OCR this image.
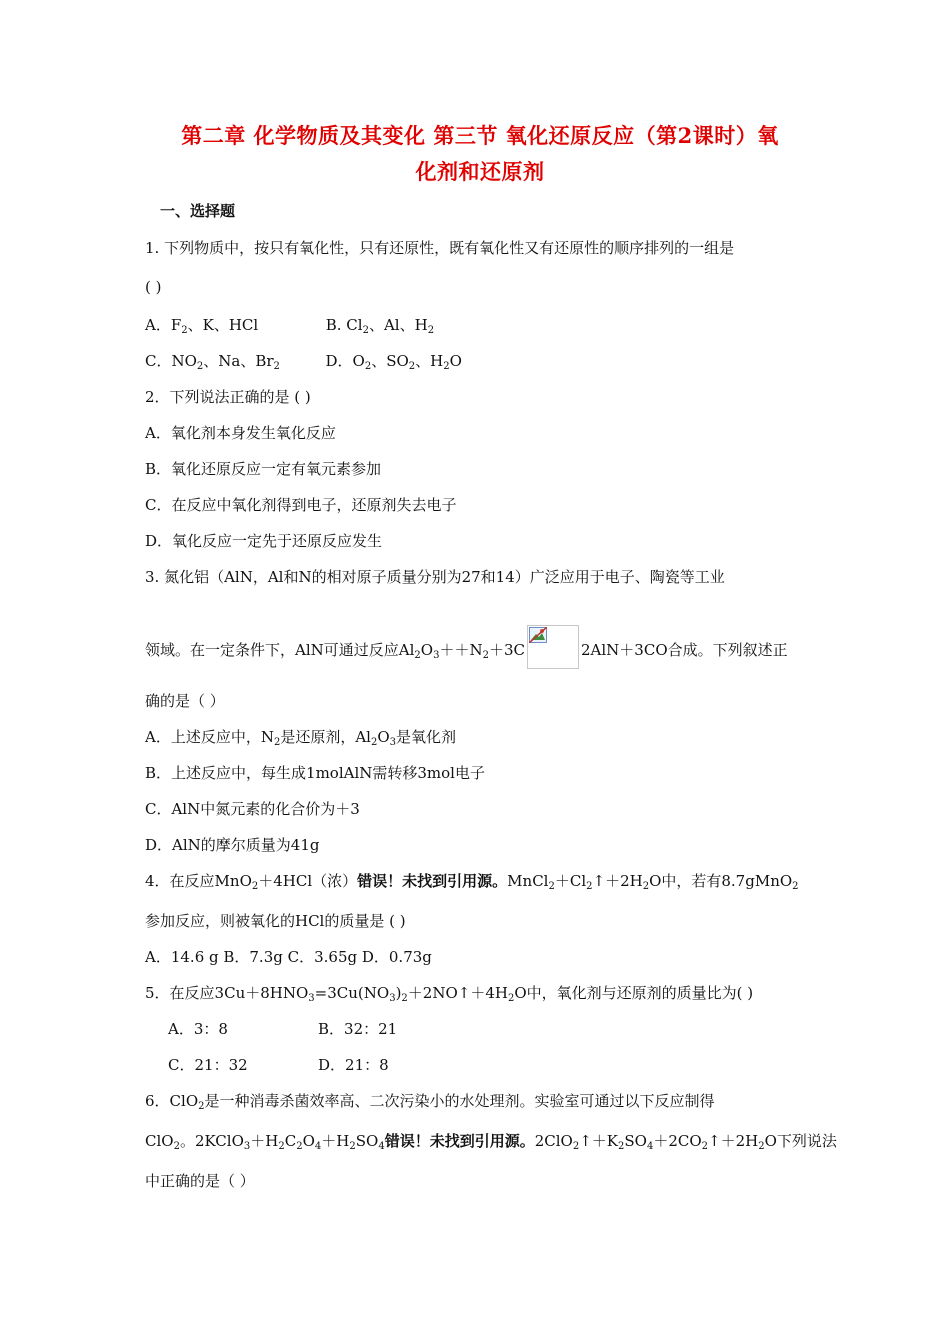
第二章 化学物质及其变化 第三节 氧化还原反应（第2课时）氧
化剂和还原剂
一、选择题
1. 下列物质中，按只有氧化性，只有还原性，既有氧化性又有还原性的顺序排列的一组是
( )
A．$F_2$、K、HCl	B. $Cl_2$、Al、$H_2$
C．$NO_2$、Na、$Br_2$	D．$O_2$、$SO_2$、$H_2O$
2．下列说法正确的是 ( )
A．氧化剂本身发生氧化反应
B．氧化还原反应一定有氧元素参加
C．在反应中氧化剂得到电子，还原剂失去电子
D．氧化反应一定先于还原反应发生
3. 氮化铝（AlN，Al和N的相对原子质量分别为27和14）广泛应用于电子、陶瓷等工业
领域。在一定条件下，AlN可通过反应$Al_2O_3++N_2+3C$	2AlN＋3CO合成。下列叙述正
确的是（ ）
A．上述反应中，$N_2$是还原剂，$Al_2O_3$是氧化剂
B．上述反应中，每生成1molAlN需转移3mol电子
C．AlN中氮元素的化合价为＋3
D．AlN的摩尔质量为41g
4．在反应MnO$_2$＋4HCl（浓）错误！未找到引用源。$MnCl_2+Cl_2↑+2H_2O$中，若有8.7gMnO$_2$
参加反应，则被氧化的HCl的质量是 ( )
A．14.6 g B．7.3g C．3.65g D．0.73g
5．在反应$3Cu+8HNO_3=3Cu(NO_3)_2+2NO↑+4H_2O$中，氧化剂与还原剂的质量比为( )
A．3：8	B．32：21
C．21：32	D．21：8
6．ClO$_2$是一种消毒杀菌效率高、二次污染小的水处理剂。实验室可通过以下反应制得
ClO$_2$。$2KClO_3+H_2C_2O_4+H_2SO_4$错误！未找到引用源。$2ClO_2↑+K_2SO_4+2CO_2↑+2H_2O$下列说法
中正确的是（ ）
